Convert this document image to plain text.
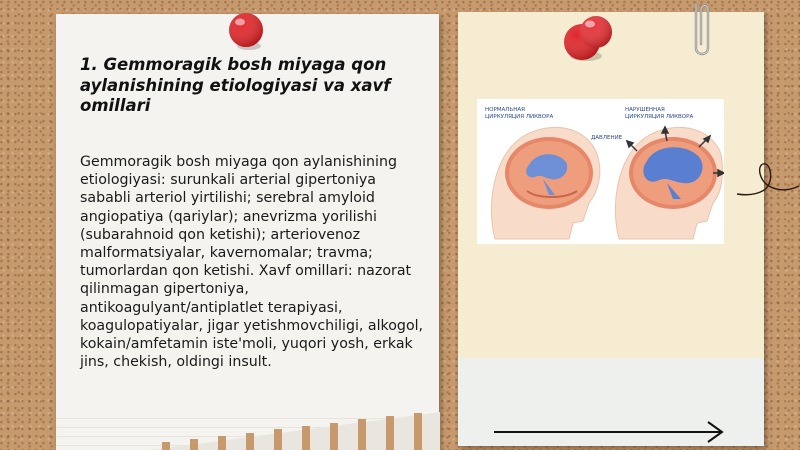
1. Gemmoragik bosh miyaga qon aylanishining etiologiyasi va xavf omillari
Gemmoragik bosh miyaga qon aylanishining etiologiyasi: surunkali arterial gipertoniya sababli arteriol yirtilishi; serebral amyloid angiopatiya (qariylar); anevrizma yorilishi (subarahnoid qon ketishi); arteriovenoz malformatsiyalar, kavernomalar; travma; tumorlardan qon ketishi. Xavf omillari: nazorat qilinmagan gipertoniya, antikoagulyant/antiplatlet terapiyasi, koagulopatiyalar, jigar yetishmovchiligi, alkogol, kokain/amfetamin iste'moli, yuqori yosh, erkak jins, chekish, oldingi insult.
НОРМАЛЬНАЯ ЦИРКУЛЯЦИЯ ЛИКВОРА
НАРУШЕННАЯ ЦИРКУЛЯЦИЯ ЛИКВОРА
ДАВЛЕНИЕ
